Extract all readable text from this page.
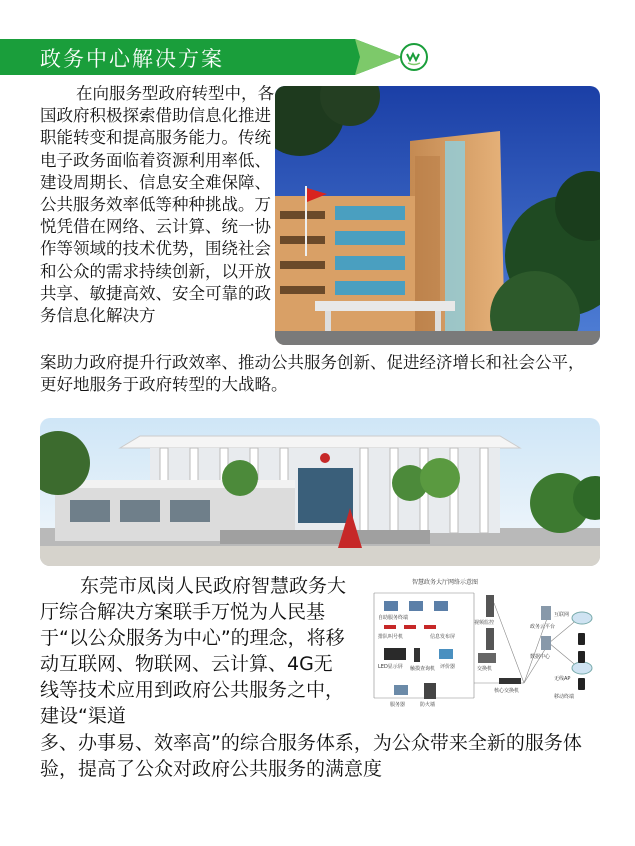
政务中心解决方案
在向服务型政府转型中，各国政府积极探索借助信息化推进职能转变和提高服务能力。传统电子政务面临着资源利用率低、建设周期长、信息安全难保障、公共服务效率低等种种挑战。万悦凭借在网络、云计算、统一协作等领域的技术优势，围绕社会和公众的需求持续创新，以开放共享、敏捷高效、安全可靠的政务信息化解决方
案助力政府提升行政效率、推动公共服务创新、促进经济增长和社会公平，更好地服务于政府转型的大战略。
东莞市凤岗人民政府智慧政务大厅综合解决方案联手万悦为人民基于“以公众服务为中心”的理念，将移动互联网、物联网、云计算、4G无线等技术应用到政府公共服务之中，建设“渠道
多、办事易、效率高”的综合服务体系，为公众带来全新的服务体验，提高了公众对政府公共服务的满意度
智慧政务大厅网络示意图
自助服务终端
排队叫号机	信息发布屏
LED显示屏 触摸查询机 评价器	交换机
服务器	防火墙
核心交换机
互联网
移动终端
政务云平台
数据中心
无线AP
视频监控
